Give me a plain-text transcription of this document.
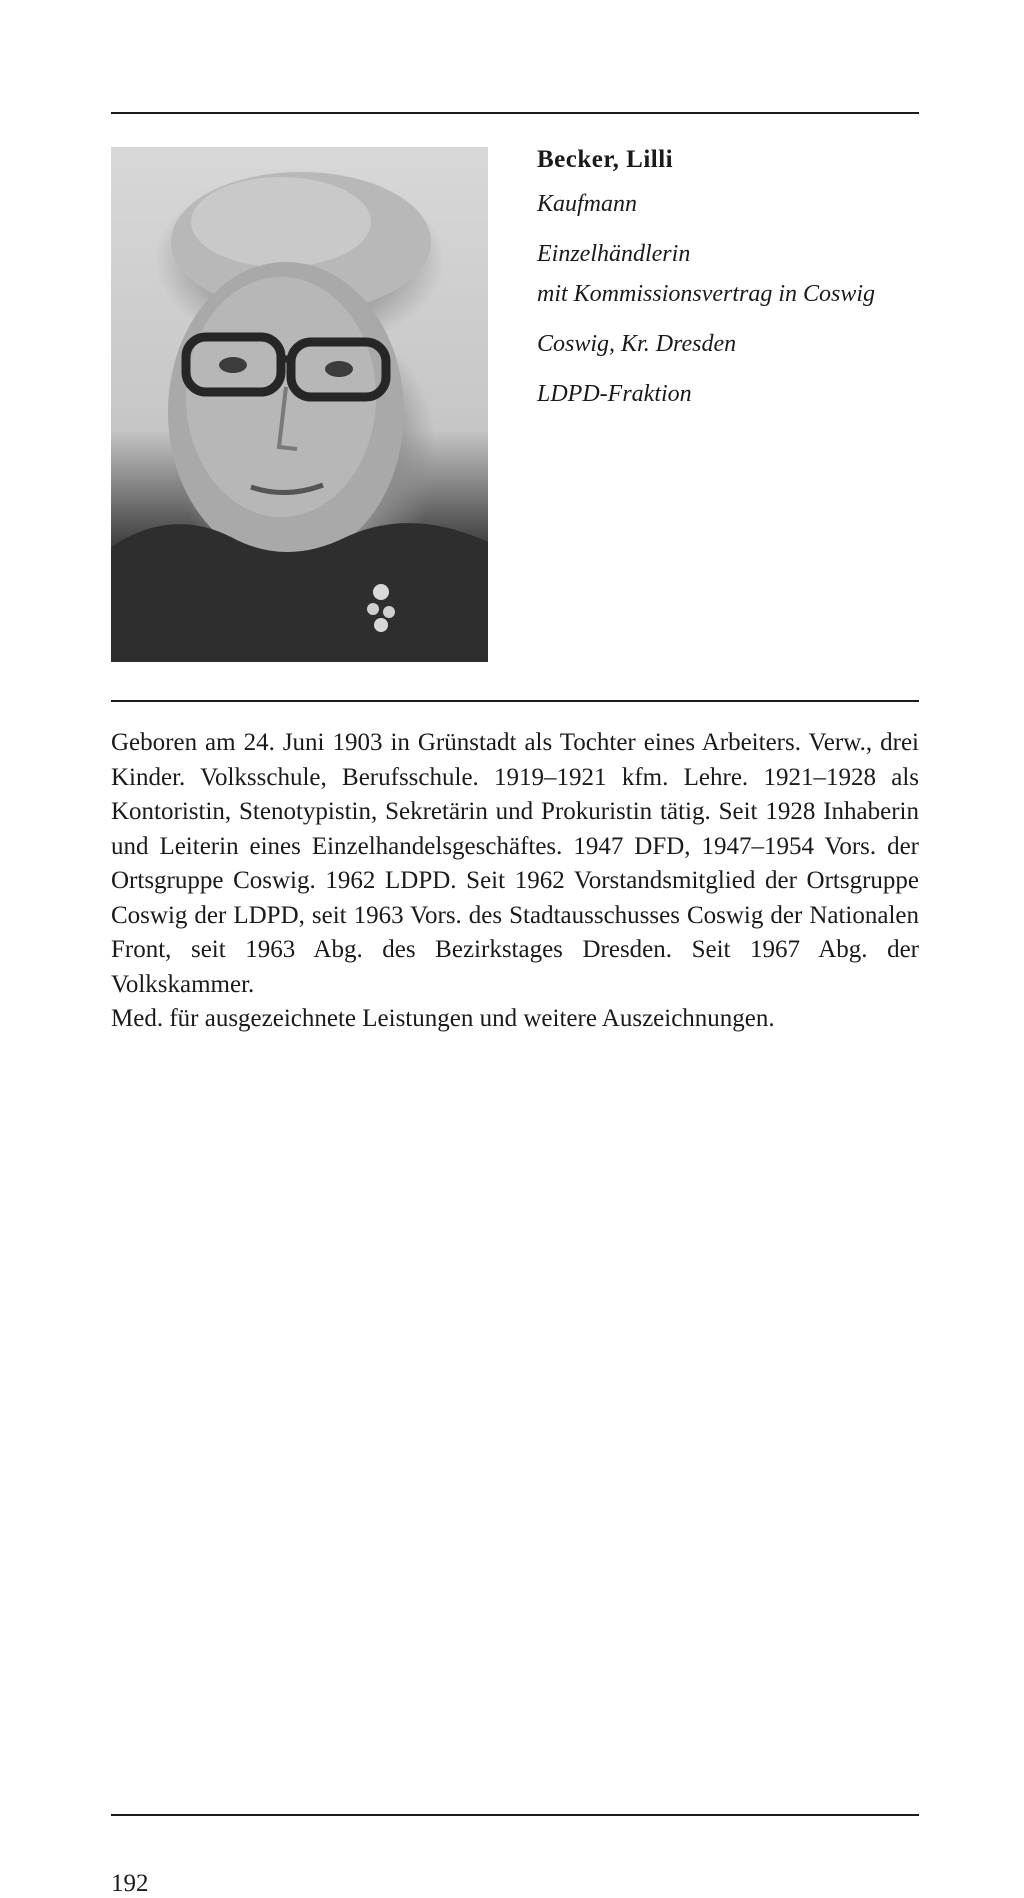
Becker, Lilli
Kaufmann
Einzelhändlerin
mit Kommissionsvertrag in Coswig
Coswig, Kr. Dresden
LDPD-Fraktion

Geboren am 24. Juni 1903 in Grünstadt als Tochter eines Arbeiters. Verw., drei Kinder. Volksschule, Berufsschule. 1919–1921 kfm. Lehre. 1921–1928 als Kontoristin, Stenotypistin, Sekretärin und Prokuristin tätig. Seit 1928 Inhaberin und Leiterin eines Einzelhandelsgeschäftes. 1947 DFD, 1947–1954 Vors. der Ortsgruppe Coswig. 1962 LDPD. Seit 1962 Vorstandsmitglied der Ortsgruppe Coswig der LDPD, seit 1963 Vors. des Stadtausschusses Coswig der Nationalen Front, seit 1963 Abg. des Bezirkstages Dresden. Seit 1967 Abg. der Volkskammer.

Med. für ausgezeichnete Leistungen und weitere Auszeichnungen.

192
